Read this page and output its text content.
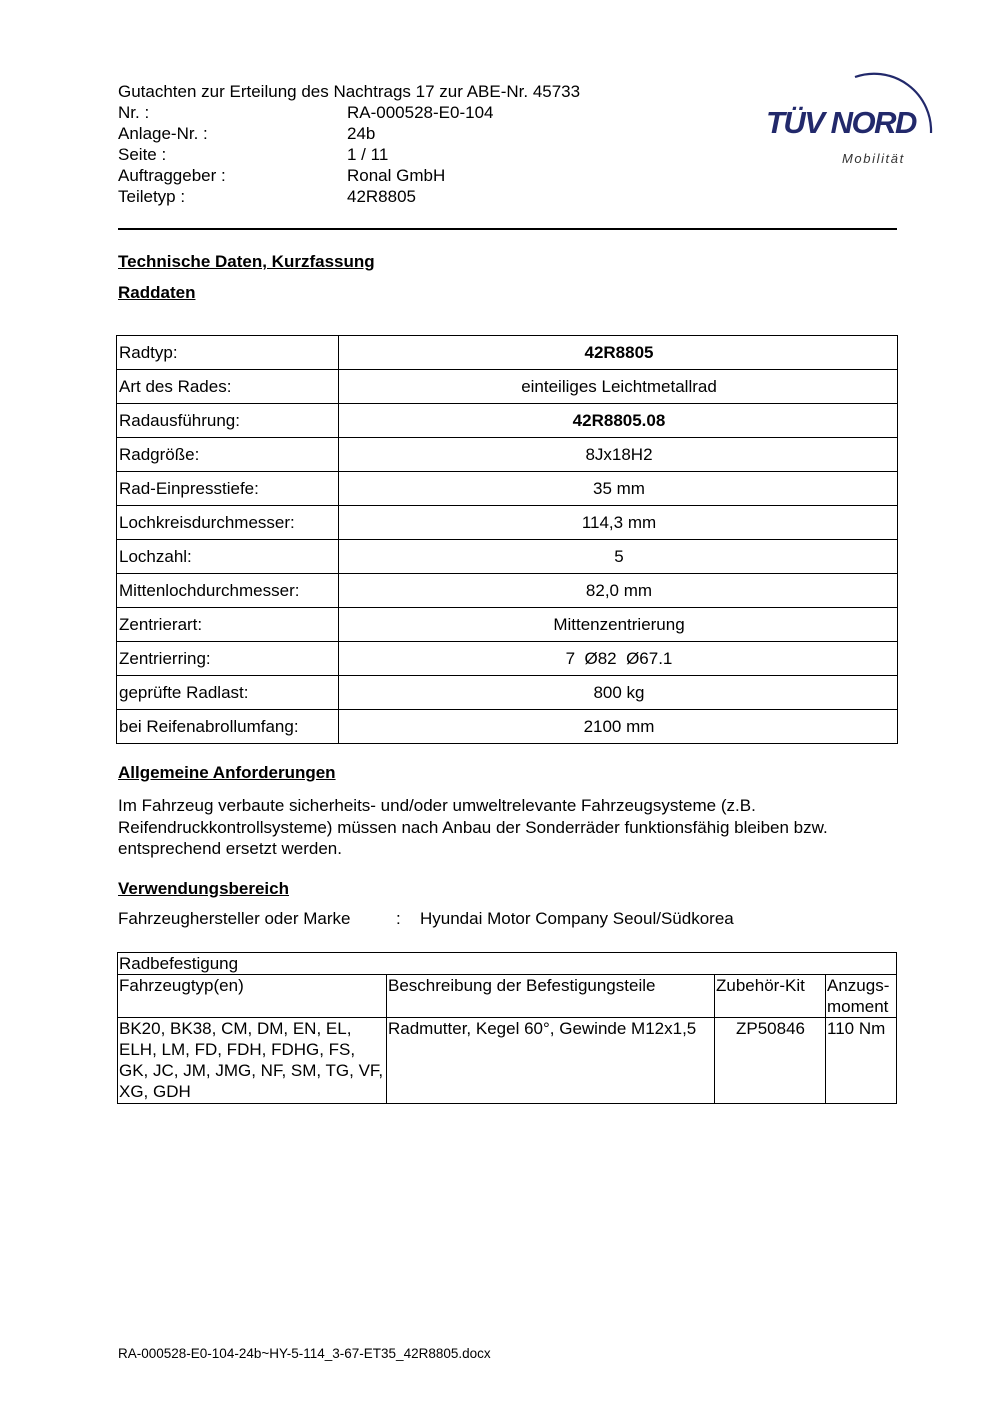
Gutachten zur Erteilung des Nachtrags 17 zur ABE-Nr. 45733
Nr. :	RA-000528-E0-104
Anlage-Nr. :	24b
Seite :	1 / 11
Auftraggeber :	Ronal GmbH
Teiletyp :	42R8805
TÜV NORD
Mobilität
Technische Daten, Kurzfassung
Raddaten
Radtyp:	42R8805
Art des Rades:	einteiliges Leichtmetallrad
Radausführung:	42R8805.08
Radgröße:	8Jx18H2
Rad-Einpresstiefe:	35 mm
Lochkreisdurchmesser:	114,3 mm
Lochzahl:	5
Mittenlochdurchmesser:	82,0 mm
Zentrierart:	Mittenzentrierung
Zentrierring:	7  Ø82  Ø67.1
geprüfte Radlast:	800 kg
bei Reifenabrollumfang:	2100 mm
Allgemeine Anforderungen
Im Fahrzeug verbaute sicherheits- und/oder umweltrelevante Fahrzeugsysteme (z.B. Reifendruckkontrollsysteme) müssen nach Anbau der Sonderräder funktionsfähig bleiben bzw. entsprechend ersetzt werden.
Verwendungsbereich
Fahrzeughersteller oder Marke	:	Hyundai Motor Company Seoul/Südkorea
Radbefestigung			
Fahrzeugtyp(en)	Beschreibung der Befestigungsteile	Zubehör-Kit	Anzugs-moment
BK20, BK38, CM, DM, EN, EL, ELH, LM, FD, FDH, FDHG, FS, GK, JC, JM, JMG, NF, SM, TG, VF, XG, GDH	Radmutter, Kegel 60°, Gewinde M12x1,5	ZP50846	110 Nm
RA-000528-E0-104-24b~HY-5-114_3-67-ET35_42R8805.docx
